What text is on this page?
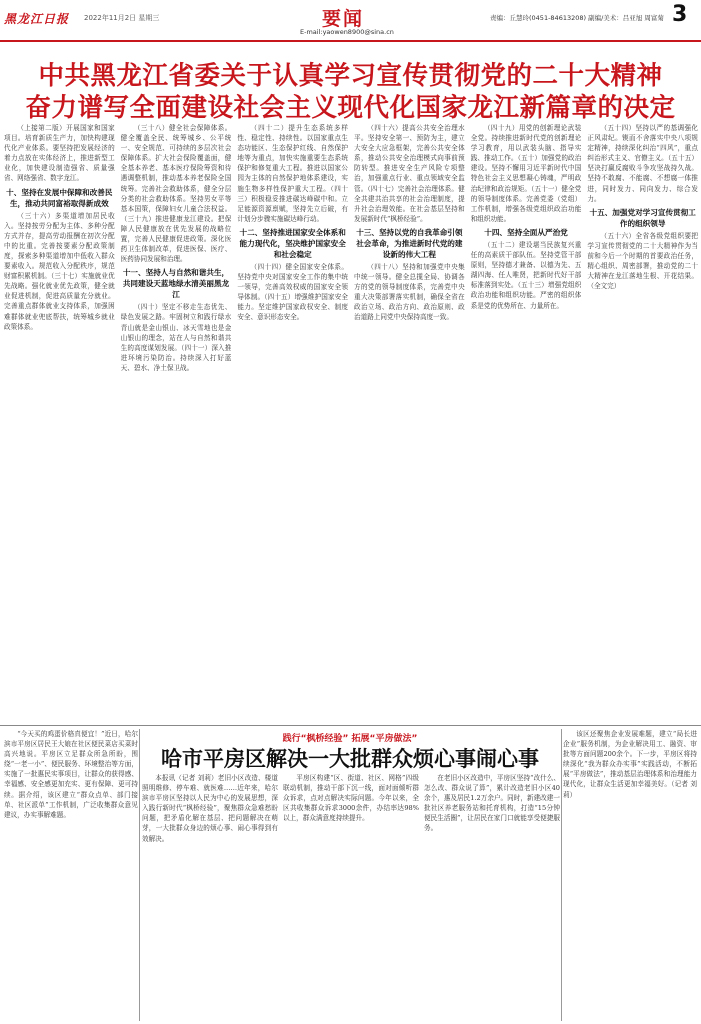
黑龙江日报 2022年11月2日 星期三	要闻
E-mail:yaowen8900@sina.cn
责编：丘慧玲(0451-84613208) 副编/美术：吕亚旭 周富菊 3
中共黑龙江省委关于认真学习宣传贯彻党的二十大精神
奋力谱写全面建设社会主义现代化国家龙江新篇章的决定

（上接第二版）开展国家和国家项目。培育新质生产力，加快构建现代化产业体系。要坚持把发展经济的着力点放在实体经济上，推进新型工业化，加快建设制造强省、质量强省、网络强省、数字龙江。

十、坚持在发展中保障和改善民生，推动共同富裕取得新成效

（三十六）多渠道增加居民收入。坚持按劳分配为主体、多种分配方式并存，提高劳动报酬在初次分配中的比重。完善按要素分配政策制度，探索多种渠道增加中低收入群众要素收入。规范收入分配秩序，规范财富积累机制。（三十七）实施就业优先战略。强化就业优先政策，健全就业促进机制，促进高质量充分就业。完善重点群体就业支持体系，加强困难群体就业兜底帮扶，统筹城乡就业政策体系。

（三十八）健全社会保障体系。健全覆盖全民、统筹城乡、公平统一、安全规范、可持续的多层次社会保障体系。扩大社会保险覆盖面，健全基本养老、基本医疗保险筹资和待遇调整机制，推动基本养老保险全国统筹。完善社会救助体系，健全分层分类的社会救助体系。坚持男女平等基本国策，保障妇女儿童合法权益。（三十九）推进健康龙江建设。把保障人民健康放在优先发展的战略位置，完善人民健康促进政策。深化医药卫生体制改革，促进医保、医疗、医药协同发展和治理。

十一、坚持人与自然和谐共生，共同建设天蓝地绿水清美丽黑龙江

（四十）坚定不移走生态优先、绿色发展之路。牢固树立和践行绿水青山就是金山银山、冰天雪地也是金山银山的理念，站在人与自然和谐共生的高度谋划发展。（四十一）深入推进环境污染防治。持续深入打好蓝天、碧水、净土保卫战。

（四十二）提升生态系统多样性、稳定性、持续性。以国家重点生态功能区、生态保护红线、自然保护地等为重点，加快实施重要生态系统保护和修复重大工程。推进以国家公园为主体的自然保护地体系建设，实施生物多样性保护重大工程。（四十三）积极稳妥推进碳达峰碳中和。立足能源资源禀赋，坚持先立后破，有计划分步骤实施碳达峰行动。

十二、坚持推进国家安全体系和能力现代化，坚决维护国家安全和社会稳定

（四十四）健全国家安全体系。坚持党中央对国家安全工作的集中统一领导，完善高效权威的国家安全领导体制。（四十五）增强维护国家安全能力。坚定维护国家政权安全、制度安全、意识形态安全。

（四十六）提高公共安全治理水平。坚持安全第一、预防为主，建立大安全大应急框架，完善公共安全体系，推动公共安全治理模式向事前预防转型。推进安全生产风险专项整治，加强重点行业、重点领域安全监管。（四十七）完善社会治理体系。健全共建共治共享的社会治理制度，提升社会治理效能。在社会基层坚持和发展新时代“枫桥经验”。

十三、坚持以党的自我革命引领社会革命，为推进新时代党的建设新的伟大工程

（四十八）坚持和加强党中央集中统一领导。健全总揽全局、协调各方的党的领导制度体系，完善党中央重大决策部署落实机制，确保全省在政治立场、政治方向、政治原则、政治道路上同党中央保持高度一致。

（四十九）用党的创新理论武装全党。持续推进新时代党的创新理论学习教育，用以武装头脑、指导实践、推动工作。（五十）加强党的政治建设。坚持不懈用习近平新时代中国特色社会主义思想凝心铸魂，严明政治纪律和政治规矩。（五十一）健全党的领导制度体系。完善党委（党组）工作机制，增强各级党组织政治功能和组织功能。

十四、坚持全面从严治党

（五十二）建设堪当民族复兴重任的高素质干部队伍。坚持党管干部原则，坚持德才兼备、以德为先、五湖四海、任人唯贤，把新时代好干部标准落到实处。（五十三）增强党组织政治功能和组织功能。严密的组织体系是党的优势所在、力量所在。

（五十四）坚持以严的基调强化正风肃纪。锲而不舍落实中央八项规定精神，持续深化纠治“四风”，重点纠治形式主义、官僚主义。（五十五）坚决打赢反腐败斗争攻坚战持久战。坚持不敢腐、不能腐、不想腐一体推进，同时发力、同向发力、综合发力。

十五、加强党对学习宣传贯彻工作的组织领导

（五十六）全省各级党组织要把学习宣传贯彻党的二十大精神作为当前和今后一个时期的首要政治任务，精心组织、周密部署，推动党的二十大精神在龙江落地生根、开花结果。（全文完）

“今天买的鸡蛋价格真便宜！”近日，哈尔滨市平房区居民王大娘在社区便民菜店买菜时高兴地说。平房区立足群众所急所盼，围绕“一老一小”、便民服务、环境整治等方面，实施了一批惠民实事项目，让群众的获得感、幸福感、安全感更加充实、更有保障、更可持续。据介绍，该区建立“群众点单、部门接单、社区派单”工作机制，广泛收集群众意见建议，办实事解难题。

践行“枫桥经验” 拓展“平房做法”
哈市平房区解决一大批群众烦心事闹心事

本报讯（记者 刘莉）老旧小区改造、楼道照明维修、停车难、就医难……近年来，哈尔滨市平房区坚持以人民为中心的发展思想，深入践行新时代“枫桥经验”，聚焦群众急难愁盼问题，把矛盾化解在基层、把问题解决在萌芽，一大批群众身边的烦心事、闹心事得到有效解决。

平房区构建“区、街道、社区、网格”四级联动机制，推动干部下沉一线，面对面倾听群众诉求，点对点解决实际问题。今年以来，全区共收集群众诉求3000余件，办结率达98%以上，群众满意度持续提升。

在老旧小区改造中，平房区坚持“改什么、怎么改、群众说了算”，累计改造老旧小区40余个，惠及居民1.2万余户。同时，新建改建一批社区养老服务站和托育机构，打造“15分钟便民生活圈”，让居民在家门口就能享受便捷服务。

该区还聚焦企业发展难题，建立“局长进企业”服务机制，为企业解决用工、融资、审批等方面问题200余个。下一步，平房区将持续深化“我为群众办实事”实践活动，不断拓展“平房做法”，推动基层治理体系和治理能力现代化，让群众生活更加幸福美好。（记者 刘莉）
